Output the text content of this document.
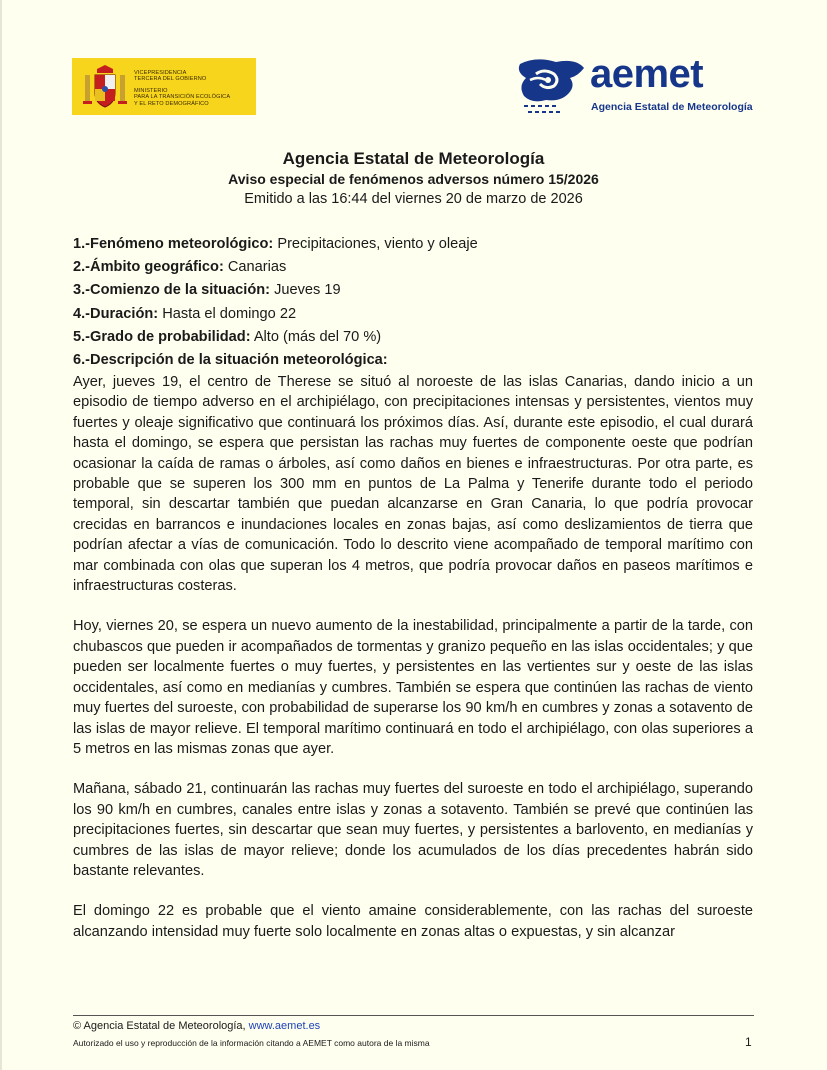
VICEPRESIDENCIA
TERCERA DEL GOBIERNO
MINISTERIO
PARA LA TRANSICIÓN ECOLÓGICA
Y EL RETO DEMOGRÁFICO
aemet
Agencia Estatal de Meteorología
Agencia Estatal de Meteorología
Aviso especial de fenómenos adversos número 15/2026
Emitido a las 16:44 del viernes 20 de marzo de 2026
1.-Fenómeno meteorológico: Precipitaciones, viento y oleaje
2.-Ámbito geográfico: Canarias
3.-Comienzo de la situación: Jueves 19
4.-Duración: Hasta el domingo 22
5.-Grado de probabilidad: Alto (más del 70 %)
6.-Descripción de la situación meteorológica:

Ayer, jueves 19, el centro de Therese se situó al noroeste de las islas Canarias, dando inicio a un episodio de tiempo adverso en el archipiélago, con precipitaciones intensas y persistentes, vientos muy fuertes y oleaje significativo que continuará los próximos días. Así, durante este episodio, el cual durará hasta el domingo, se espera que persistan las rachas muy fuertes de componente oeste que podrían ocasionar la caída de ramas o árboles, así como daños en bienes e infraestructuras. Por otra parte, es probable que se superen los 300 mm en puntos de La Palma y Tenerife durante todo el periodo temporal, sin descartar también que puedan alcanzarse en Gran Canaria, lo que podría provocar crecidas en barrancos e inundaciones locales en zonas bajas, así como deslizamientos de tierra que podrían afectar a vías de comunicación. Todo lo descrito viene acompañado de temporal marítimo con mar combinada con olas que superan los 4 metros, que podría provocar daños en paseos marítimos e infraestructuras costeras.

Hoy, viernes 20, se espera un nuevo aumento de la inestabilidad, principalmente a partir de la tarde, con chubascos que pueden ir acompañados de tormentas y granizo pequeño en las islas occidentales; y que pueden ser localmente fuertes o muy fuertes, y persistentes en las vertientes sur y oeste de las islas occidentales, así como en medianías y cumbres. También se espera que continúen las rachas de viento muy fuertes del suroeste, con probabilidad de superarse los 90 km/h en cumbres y zonas a sotavento de las islas de mayor relieve. El temporal marítimo continuará en todo el archipiélago, con olas superiores a 5 metros en las mismas zonas que ayer.

Mañana, sábado 21, continuarán las rachas muy fuertes del suroeste en todo el archipiélago, superando los 90 km/h en cumbres, canales entre islas y zonas a sotavento. También se prevé que continúen las precipitaciones fuertes, sin descartar que sean muy fuertes, y persistentes a barlovento, en medianías y cumbres de las islas de mayor relieve; donde los acumulados de los días precedentes habrán sido bastante relevantes.

El domingo 22 es probable que el viento amaine considerablemente, con las rachas del suroeste alcanzando intensidad muy fuerte solo localmente en zonas altas o expuestas, y sin alcanzar

© Agencia Estatal de Meteorología, www.aemet.es
Autorizado el uso y reproducción de la información citando a AEMET como autora de la misma	1
